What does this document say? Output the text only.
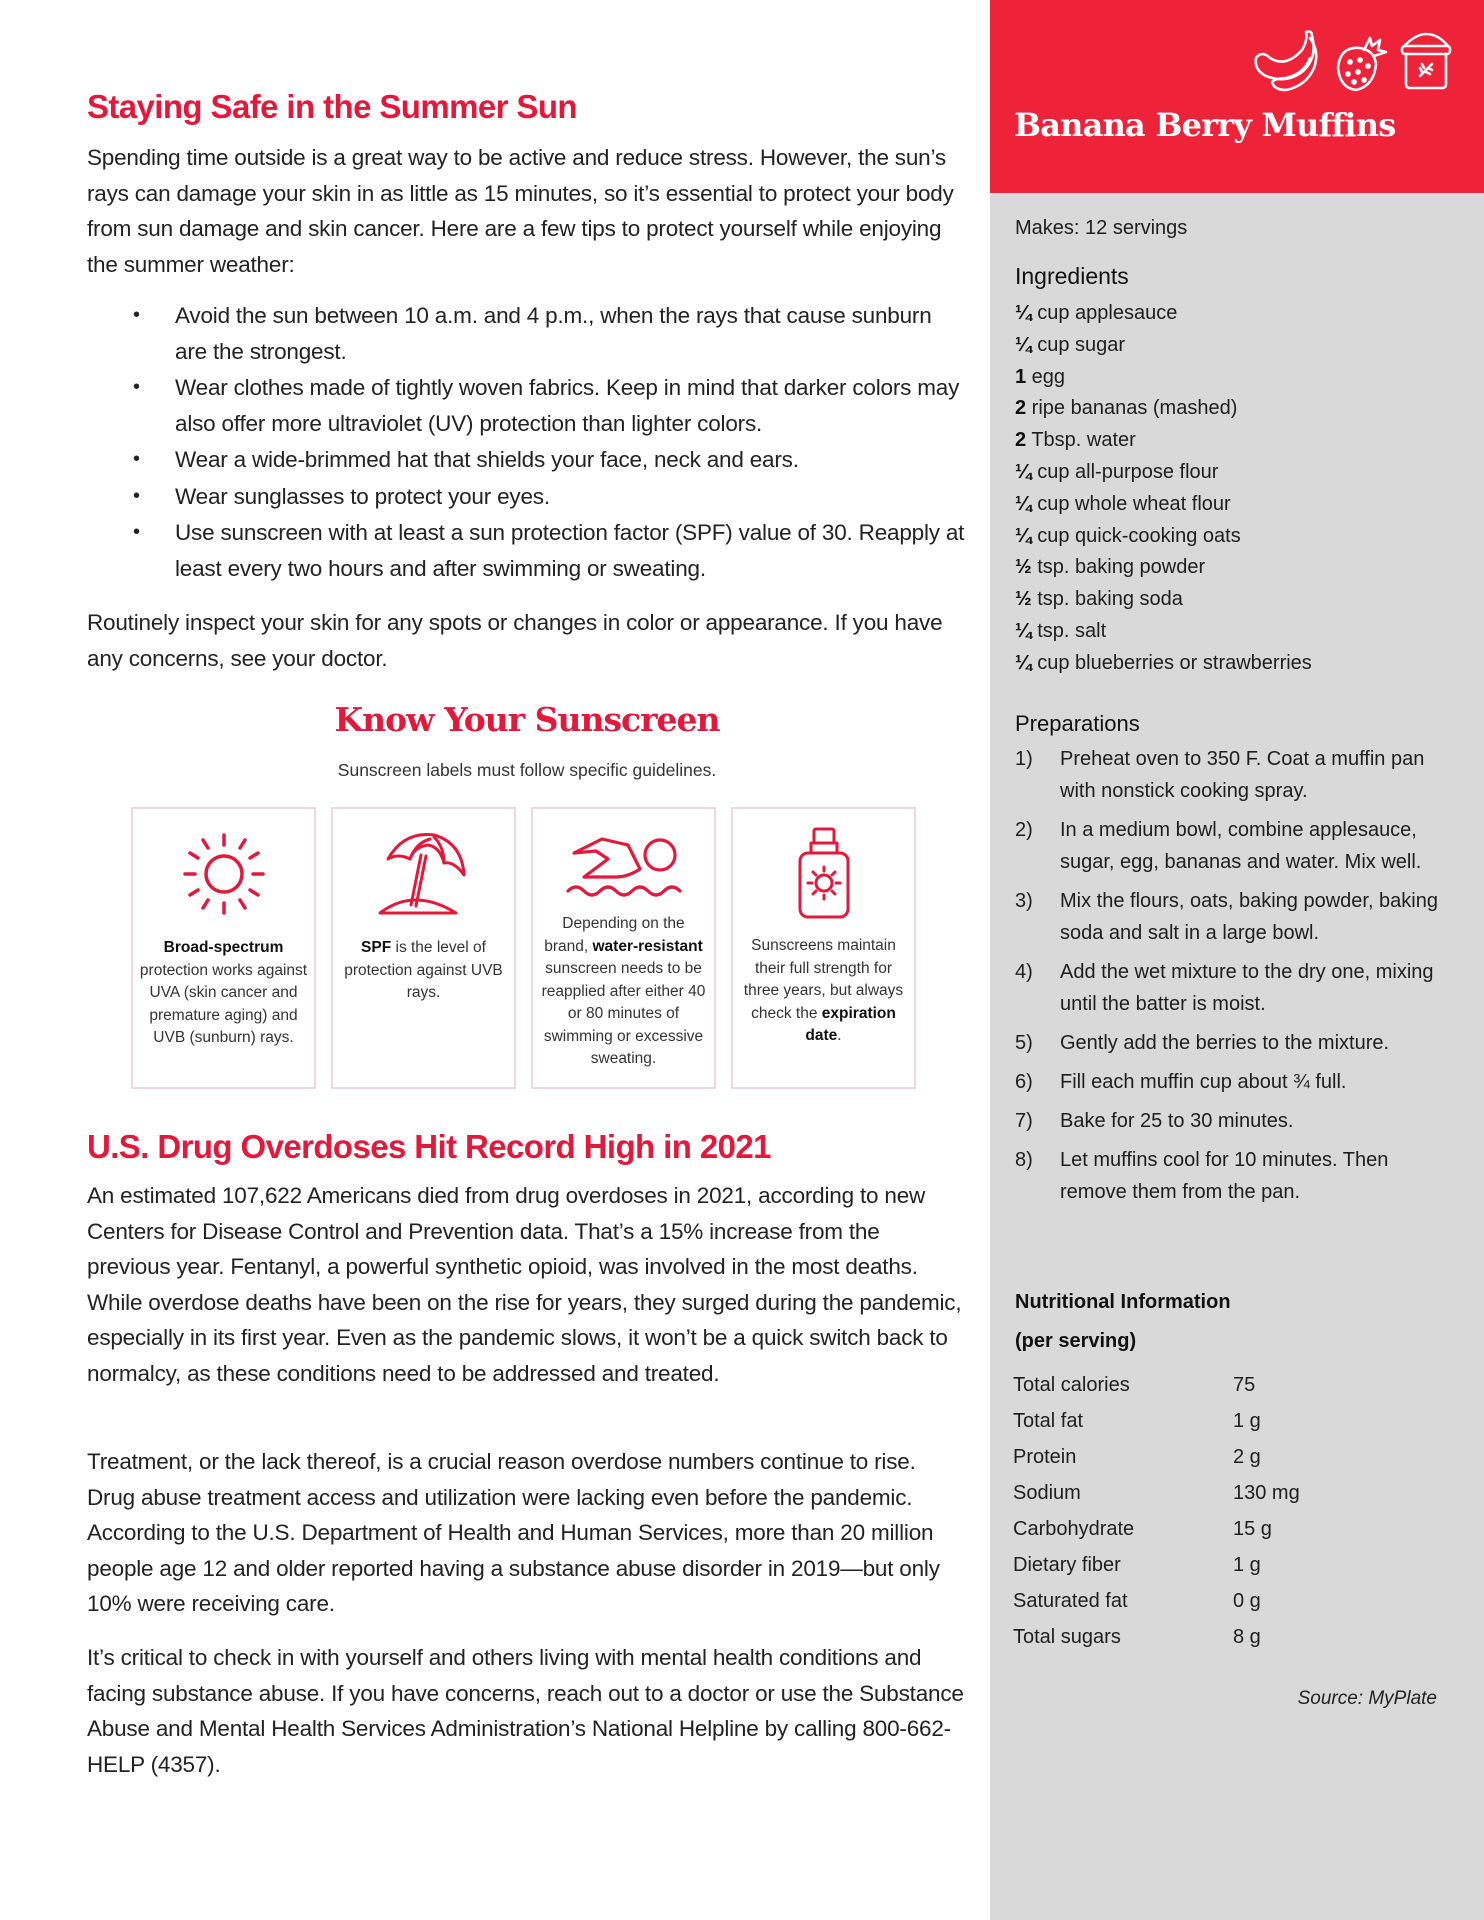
Staying Safe in the Summer Sun

Spending time outside is a great way to be active and reduce stress. However, the sun’s rays can damage your skin in as little as 15 minutes, so it’s essential to protect your body from sun damage and skin cancer. Here are a few tips to protect yourself while enjoying the summer weather:

• Avoid the sun between 10 a.m. and 4 p.m., when the rays that cause sunburn are the strongest.
• Wear clothes made of tightly woven fabrics. Keep in mind that darker colors may also offer more ultraviolet (UV) protection than lighter colors.
• Wear a wide-brimmed hat that shields your face, neck and ears.
• Wear sunglasses to protect your eyes.
• Use sunscreen with at least a sun protection factor (SPF) value of 30. Reapply at least every two hours and after swimming or sweating.

Routinely inspect your skin for any spots or changes in color or appearance. If you have any concerns, see your doctor.

Know Your Sunscreen
Sunscreen labels must follow specific guidelines.
Broad-spectrum
protection works against UVA (skin cancer and premature aging) and UVB (sunburn) rays.
SPF is the level of protection against UVB rays.
Depending on the brand, water-resistant sunscreen needs to be reapplied after either 40 or 80 minutes of swimming or excessive sweating.
Sunscreens maintain their full strength for three years, but always check the expiration date.
U.S. Drug Overdoses Hit Record High in 2021

An estimated 107,622 Americans died from drug overdoses in 2021, according to new Centers for Disease Control and Prevention data. That’s a 15% increase from the previous year. Fentanyl, a powerful synthetic opioid, was involved in the most deaths. While overdose deaths have been on the rise for years, they surged during the pandemic, especially in its first year. Even as the pandemic slows, it won’t be a quick switch back to normalcy, as these conditions need to be addressed and treated.

Treatment, or the lack thereof, is a crucial reason overdose numbers continue to rise. Drug abuse treatment access and utilization were lacking even before the pandemic. According to the U.S. Department of Health and Human Services, more than 20 million people age 12 and older reported having a substance abuse disorder in 2019—but only 10% were receiving care.

It’s critical to check in with yourself and others living with mental health conditions and facing substance abuse. If you have concerns, reach out to a doctor or use the Substance Abuse and Mental Health Services Administration’s National Helpline by calling 800-662-HELP (4357).

Banana Berry Muffins
Makes: 12 servings
Ingredients
¼ cup applesauce
¼ cup sugar
1 egg
2 ripe bananas (mashed)
2 Tbsp. water
¼ cup all-purpose flour
¼ cup whole wheat flour
¼ cup quick-cooking oats
½ tsp. baking powder
½ tsp. baking soda
¼ tsp. salt
¼ cup blueberries or strawberries
Preparations
1) Preheat oven to 350 F. Coat a muffin pan with nonstick cooking spray.
2) In a medium bowl, combine applesauce, sugar, egg, bananas and water. Mix well.
3) Mix the flours, oats, baking powder, baking soda and salt in a large bowl.
4) Add the wet mixture to the dry one, mixing until the batter is moist.
5) Gently add the berries to the mixture.
6) Fill each muffin cup about ¾ full.
7) Bake for 25 to 30 minutes.
8) Let muffins cool for 10 minutes. Then remove them from the pan.
Nutritional Information
(per serving)
Total calories	75
Total fat	1 g
Protein	2 g
Sodium	130 mg
Carbohydrate	15 g
Dietary fiber	1 g
Saturated fat	0 g
Total sugars	8 g
Source: MyPlate
